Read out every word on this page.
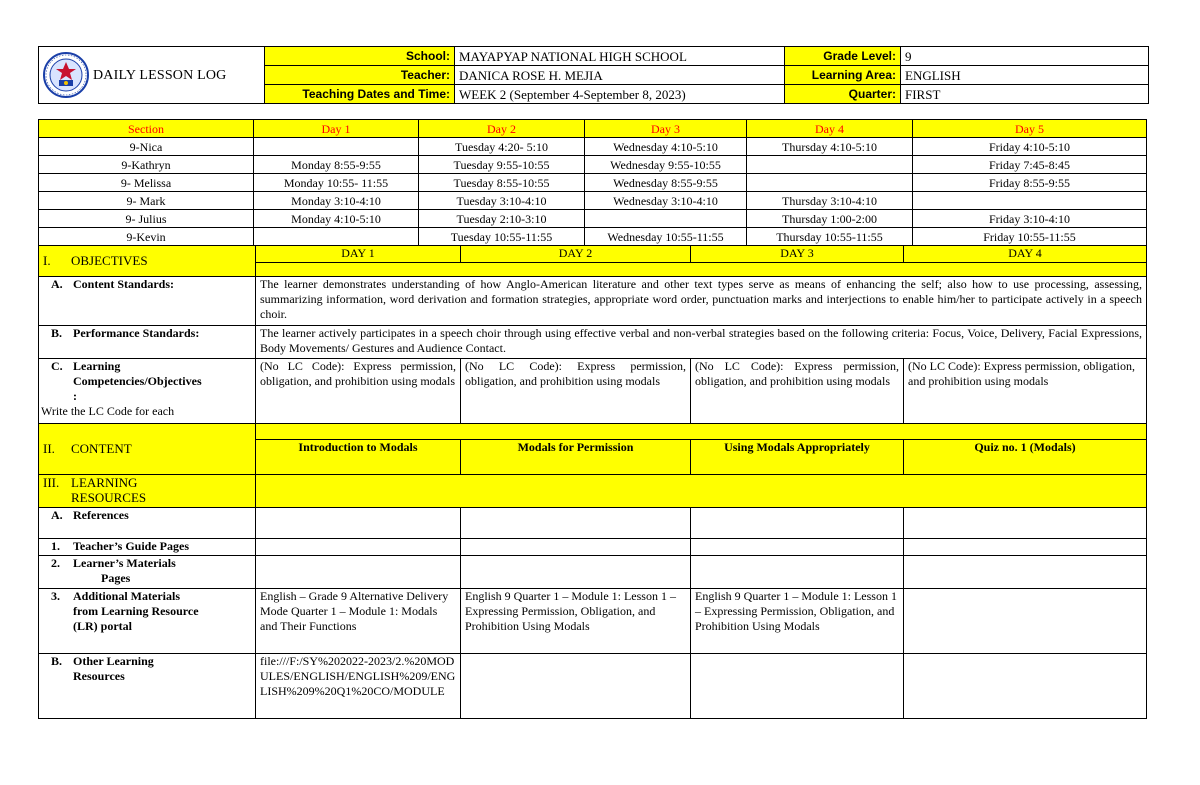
DAILY LESSON LOG	School:	MAYAPYAP NATIONAL HIGH SCHOOL	Grade Level:	9
	Teacher:	DANICA ROSE H. MEJIA	Learning Area:	ENGLISH
	Teaching Dates and Time:	WEEK 2 (September 4-September 8, 2023)	Quarter:	FIRST
Section	Day 1	Day 2	Day 3	Day 4	Day 5
9-Nica		Tuesday 4:20- 5:10	Wednesday 4:10-5:10	Thursday 4:10-5:10	Friday 4:10-5:10
9-Kathryn	Monday 8:55-9:55	Tuesday 9:55-10:55	Wednesday 9:55-10:55		Friday 7:45-8:45
9- Melissa	Monday 10:55- 11:55	Tuesday 8:55-10:55	Wednesday 8:55-9:55		Friday 8:55-9:55
9- Mark	Monday 3:10-4:10	Tuesday 3:10-4:10	Wednesday 3:10-4:10	Thursday 3:10-4:10	
9- Julius	Monday 4:10-5:10	Tuesday 2:10-3:10		Thursday 1:00-2:00	Friday 3:10-4:10
9-Kevin		Tuesday 10:55-11:55	Wednesday 10:55-11:55	Thursday 10:55-11:55	Friday 10:55-11:55
I. OBJECTIVES	DAY 1	DAY 2	DAY 3	DAY 4

A. Content Standards:	The learner demonstrates understanding of how Anglo-American literature and other text types serve as means of enhancing the self; also how to use processing, assessing, summarizing information, word derivation and formation strategies, appropriate word order, punctuation marks and interjections to enable him/her to participate actively in a speech choir.			
B. Performance Standards:	The learner actively participates in a speech choir through using effective verbal and non-verbal strategies based on the following criteria: Focus, Voice, Delivery, Facial Expressions, Body Movements/ Gestures and Audience Contact.			

C. Learning
Competencies/Objectives
:
Write the LC Code for each	(No LC Code): Express permission, obligation, and prohibition using modals	(No LC Code): Express permission, obligation, and prohibition using modals	(No LC Code): Express permission, obligation, and prohibition using modals	(No LC Code): Express permission, obligation, and prohibition using modals
II. CONTENT				
	Introduction to Modals	Modals for Permission	Using Modals Appropriately	Quiz no. 1 (Modals)

III. LEARNING
RESOURCES				

A. References				
1. Teacher’s Guide Pages				

2. Learner’s Materials
Pages				

3. Additional Materials
from Learning Resource
(LR) portal	English – Grade 9 Alternative Delivery Mode Quarter 1 – Module 1: Modals and Their Functions	English 9 Quarter 1 – Module 1: Lesson 1 – Expressing Permission, Obligation, and Prohibition Using Modals	English 9 Quarter 1 – Module 1: Lesson 1 – Expressing Permission, Obligation, and Prohibition Using Modals	

B. Other Learning
Resources	file:///F:/SY%202022-2023/2.%20MODULES/ENGLISH/ENGLISH%209/ENGLISH%209%20Q1%20CO/MODULE			
